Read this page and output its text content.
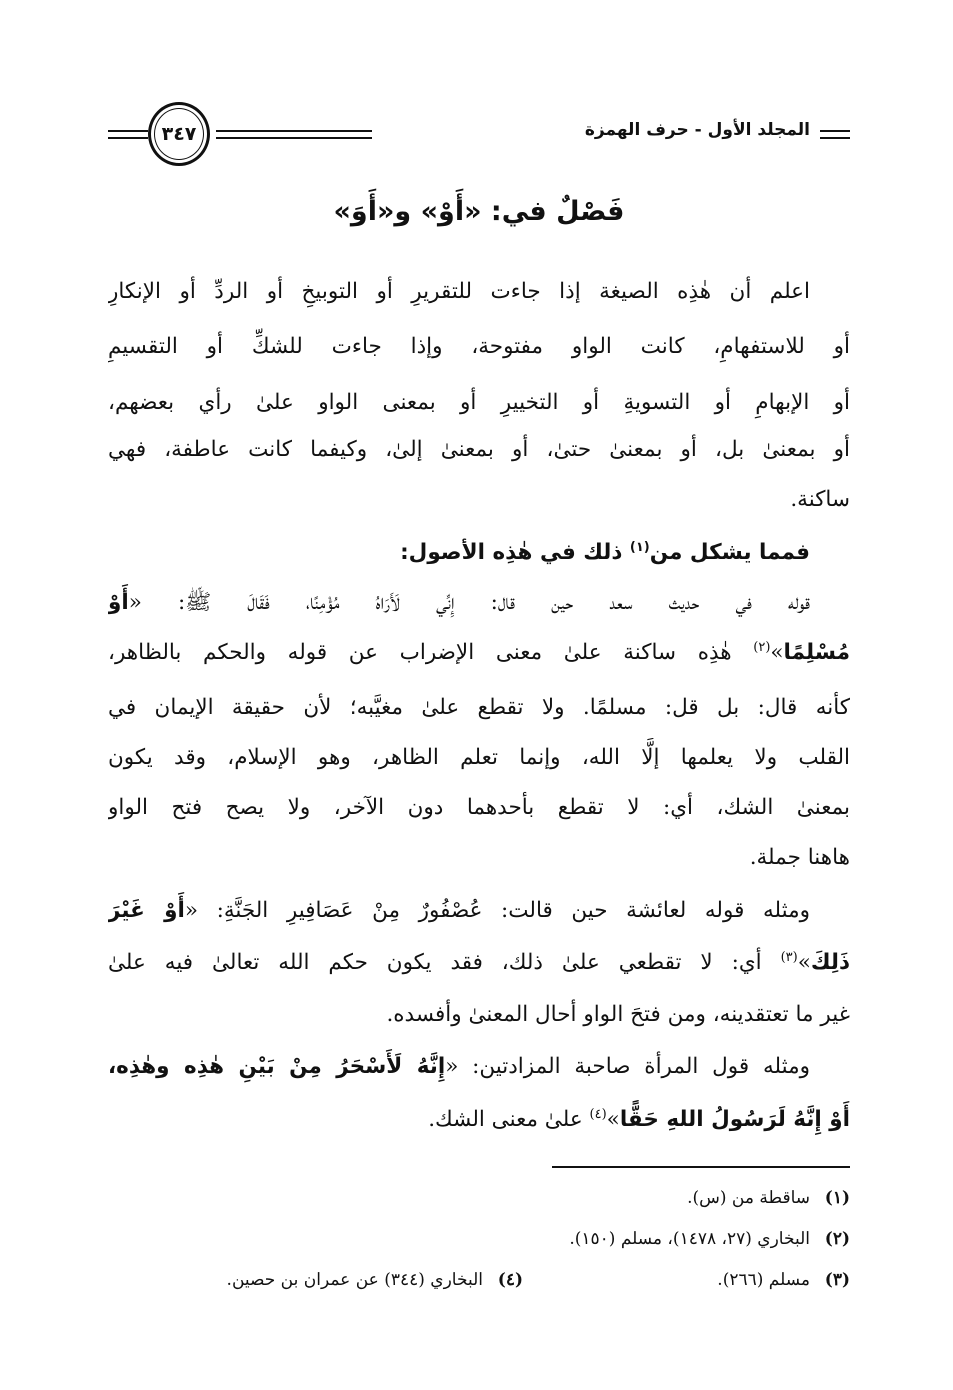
المجلد الأول - حرف الهمزة
٣٤٧
فَصْلٌ في: «أَوْ» و«أَوَ»
اعلم أن هٰذِه الصيغة إذا جاءت للتقريرِ أو التوبيخِ أو الردِّ أو الإنكارِ
أو للاستفهامِ، كانت الواو مفتوحة، وإذا جاءت للشكِّ أو التقسيمِ
أو الإبهامِ أو التسويةِ أو التخييرِ أو بمعنى الواو علىٰ رأي بعضهم،
أو بمعنىٰ بل، أو بمعنىٰ حتىٰ، أو بمعنىٰ إلىٰ، وكيفما كانت عاطفة، فهي
ساكنة.
فمما يشكل من$^{(١)}$ ذلك في هٰذِه الأصول:
قوله في حديث سعد حين قال: إِنِّي لَأَرَاهُ مُؤْمِنًا، فَقَالَ ﷺ: «أَوْ
مُسْلِمًا»$^{(٢)}$ هٰذِه ساكنة علىٰ معنى الإضراب عن قوله والحكم بالظاهر،
كأنه قال: بل قل: مسلمًا. ولا تقطع علىٰ مغيَّبه؛ لأن حقيقة الإيمان في
القلب ولا يعلمها إلَّا الله، وإنما تعلم الظاهر، وهو الإسلام، وقد يكون
بمعنىٰ الشك، أي: لا تقطع بأحدهما دون الآخر، ولا يصح فتح الواو
هاهنا جملة.
ومثله قوله لعائشة حين قالت: عُصْفُورٌ مِنْ عَصَافِيرِ الجَنَّةِ: «أَوْ غَيْرَ
ذَلِكَ»$^{(٣)}$ أي: لا تقطعي علىٰ ذلك، فقد يكون حكم الله تعالىٰ فيه علىٰ
غير ما تعتقدينه، ومن فتحَ الواو أحال المعنىٰ وأفسده.
ومثله قول المرأة صاحبة المزادتين: «إِنَّهُ لَأَسْحَرُ مِنْ بَيْنِ هٰذِه وهٰذِه،
أَوْ إِنَّهُ لَرَسُولُ اللهِ حَقًّا»$^{(٤)}$ علىٰ معنى الشك.
(١)ساقطة من (س).
(٢)البخاري (٢٧، ١٤٧٨)، مسلم (١٥٠).
(٣)مسلم (٢٦٦).
(٤)البخاري (٣٤٤) عن عمران بن حصين.
